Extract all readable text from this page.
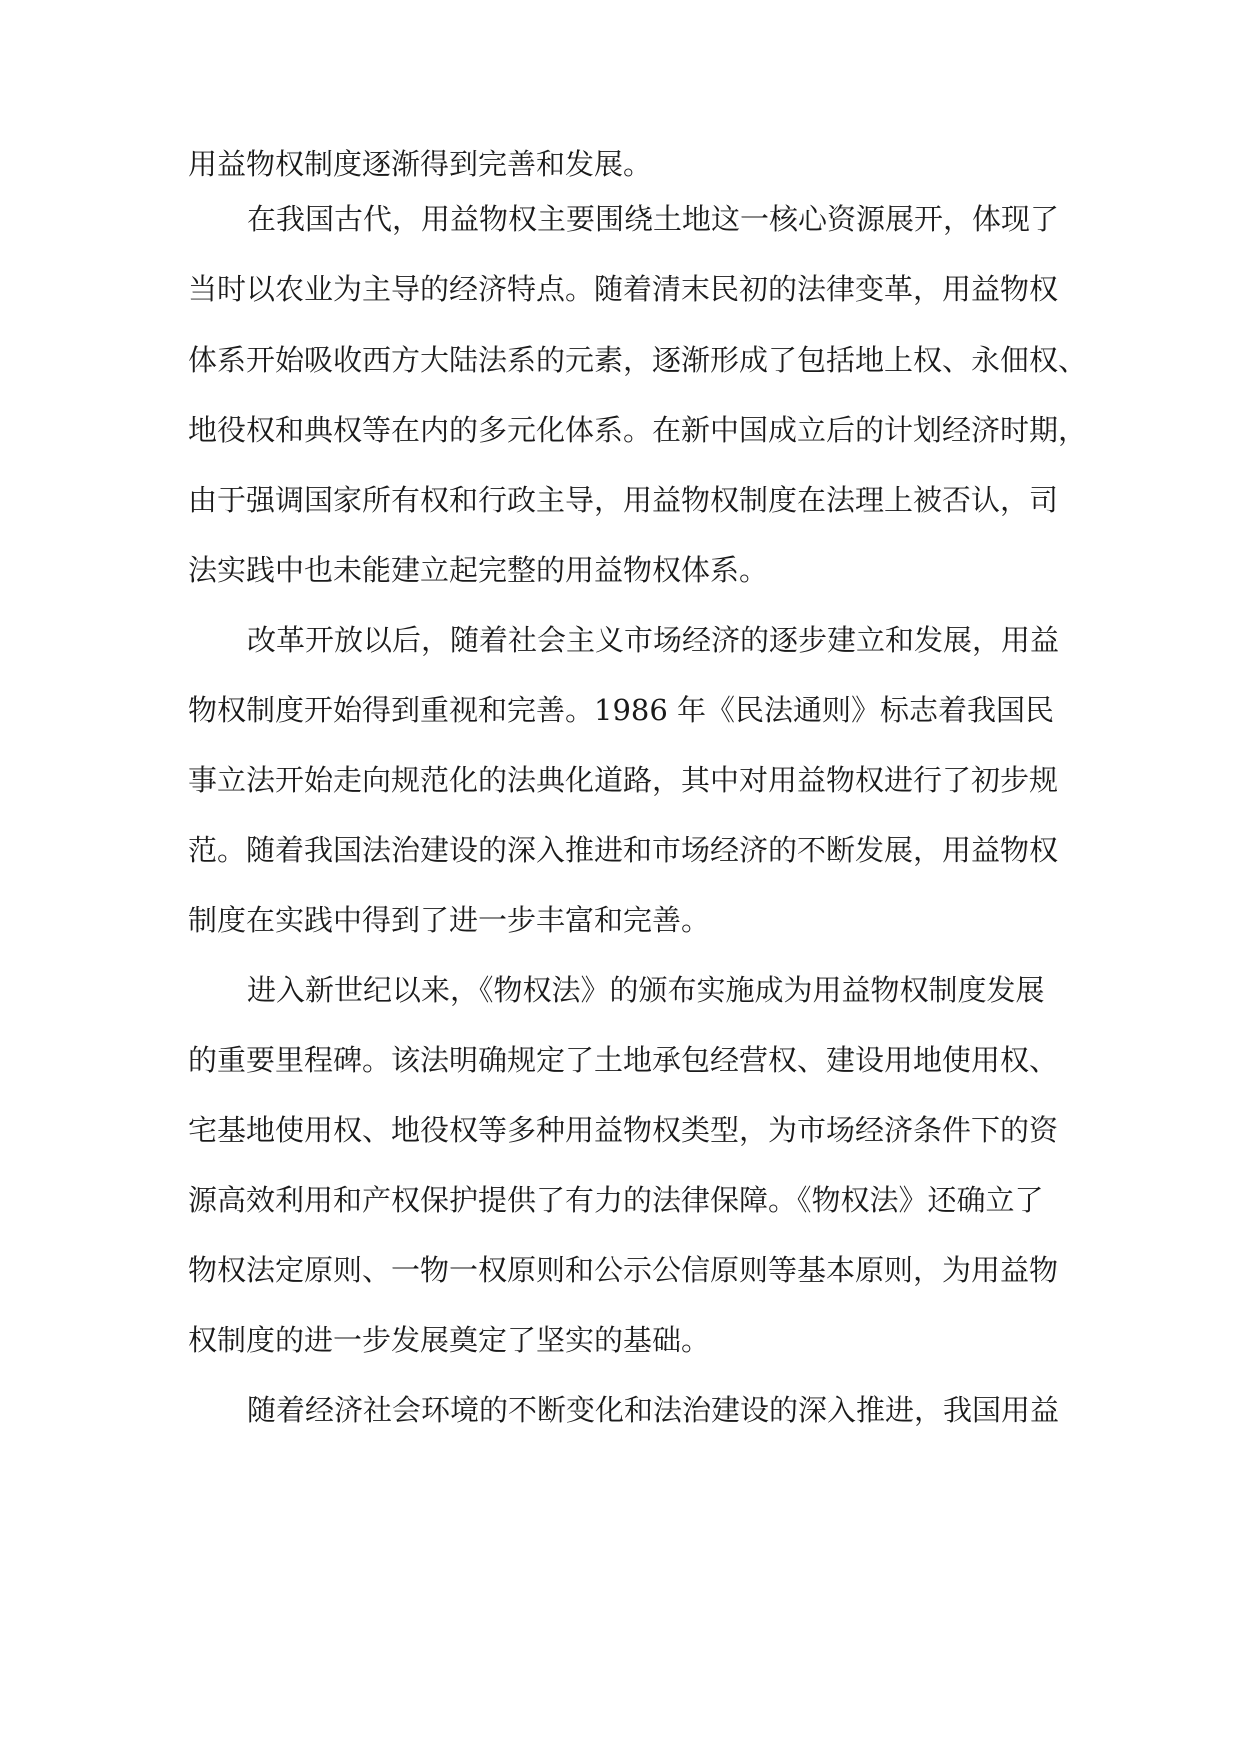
用益物权制度逐渐得到完善和发展。
在我国古代，用益物权主要围绕土地这一核心资源展开，体现了
当时以农业为主导的经济特点。随着清末民初的法律变革，用益物权
体系开始吸收西方大陆法系的元素，逐渐形成了包括地上权、永佃权、
地役权和典权等在内的多元化体系。在新中国成立后的计划经济时期，
由于强调国家所有权和行政主导，用益物权制度在法理上被否认，司
法实践中也未能建立起完整的用益物权体系。
改革开放以后，随着社会主义市场经济的逐步建立和发展，用益
物权制度开始得到重视和完善。1986 年《民法通则》标志着我国民
事立法开始走向规范化的法典化道路，其中对用益物权进行了初步规
范。随着我国法治建设的深入推进和市场经济的不断发展，用益物权
制度在实践中得到了进一步丰富和完善。
进入新世纪以来，《物权法》的颁布实施成为用益物权制度发展
的重要里程碑。该法明确规定了土地承包经营权、建设用地使用权、
宅基地使用权、地役权等多种用益物权类型，为市场经济条件下的资
源高效利用和产权保护提供了有力的法律保障。《物权法》还确立了
物权法定原则、一物一权原则和公示公信原则等基本原则，为用益物
权制度的进一步发展奠定了坚实的基础。
随着经济社会环境的不断变化和法治建设的深入推进，我国用益
